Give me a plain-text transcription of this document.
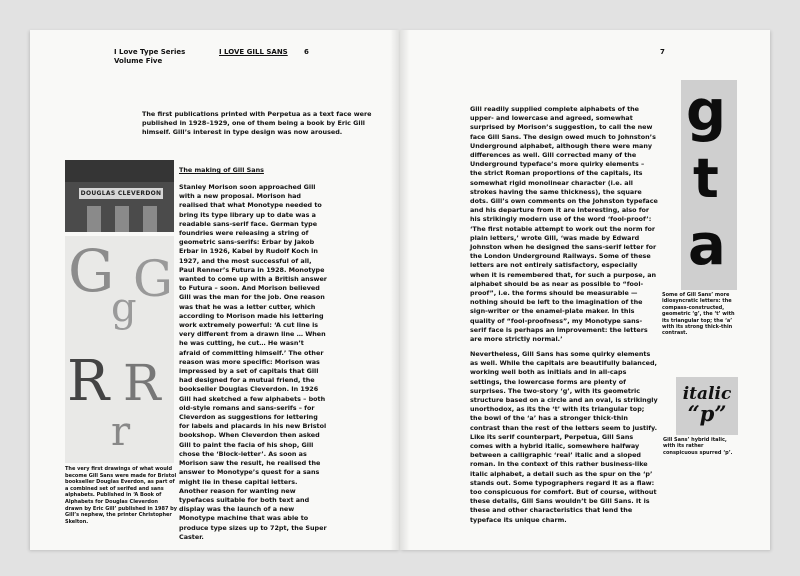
I Love Type Series Volume Five
I LOVE GILL SANS 6
The first publications printed with Perpetua as a text face were published in 1928–1929, one of them being a book by Eric Gill himself. Gill’s interest in type design was now aroused.
The making of Gill Sans
Stanley Morison soon approached Gill with a new proposal. Morison had realised that what Monotype needed to bring its type library up to date was a readable sans-serif face. German type foundries were releasing a string of geometric sans-serifs: Erbar by Jakob Erbar in 1926, Kabel by Rudolf Koch in 1927, and the most successful of all, Paul Renner’s Futura in 1928. Monotype wanted to come up with a British answer to Futura – soon. And Morison believed Gill was the man for the job. One reason was that he was a letter cutter, which according to Morison made his lettering work extremely powerful: ‘A cut line is very different from a drawn line … When he was cutting, he cut… He wasn’t afraid of committing himself.’ The other reason was more specific: Morison was impressed by a set of capitals that Gill had designed for a mutual friend, the bookseller Douglas Cleverdon. In 1926 Gill had sketched a few alphabets – both old-style romans and sans-serifs – for Cleverdon as suggestions for lettering for labels and placards in his new Bristol bookshop. When Cleverdon then asked Gill to paint the facia of his shop, Gill chose the ‘Block-letter’. As soon as Morison saw the result, he realised the answer to Monotype’s quest for a sans might lie in these capital letters. Another reason for wanting new typefaces suitable for both text and display was the launch of a new Monotype machine that was able to produce type sizes up to 72pt, the Super Caster.
DOUGLAS CLEVERDON
G G
g
R R
r
The very first drawings of what would become Gill Sans were made for Bristol bookseller Douglas Everdon, as part of a combined set of serifed and sans alphabets. Published in ‘A Book of Alphabets for Douglas Cleverdon drawn by Eric Gill’ published in 1987 by Gill’s nephew, the printer Christopher Skelton.
7
Gill readily supplied complete alphabets of the upper- and lowercase and agreed, somewhat surprised by Morison’s suggestion, to call the new face Gill Sans. The design owed much to Johnston’s Underground alphabet, although there were many differences as well. Gill corrected many of the Underground typeface’s more quirky elements – the strict Roman proportions of the capitals, its somewhat rigid monolinear character (i.e. all strokes having the same thickness), the square dots. Gill’s own comments on the Johnston typeface and his departure from it are interesting, also for his strikingly modern use of the word ‘fool-proof’: ‘The first notable attempt to work out the norm for plain letters,’ wrote Gill, ‘was made by Edward Johnston when he designed the sans-serif letter for the London Underground Railways. Some of these letters are not entirely satisfactory, especially when it is remembered that, for such a purpose, an alphabet should be as near as possible to “fool-proof”, i.e. the forms should be measurable — nothing should be left to the imagination of the sign-writer or the enamel-plate maker. In this quality of “fool-proofness”, my Monotype sans-serif face is perhaps an improvement: the letters are more strictly normal.’
Nevertheless, Gill Sans has some quirky elements as well. While the capitals are beautifully balanced, working well both as initials and in all-caps settings, the lowercase forms are plenty of surprises. The two-story ‘g’, with its geometric structure based on a circle and an oval, is strikingly unorthodox, as its the ‘t’ with its triangular top; the bowl of the ‘a’ has a stronger thick-thin contrast than the rest of the letters seem to justify. Like its serif counterpart, Perpetua, Gill Sans comes with a hybrid italic, somewhere halfway between a calligraphic ‘real’ italic and a sloped roman. In the context of this rather business-like italic alphabet, a detail such as the spur on the ‘p’ stands out. Some typographers regard it as a flaw: too conspicuous for comfort. But of course, without these details, Gill Sans wouldn’t be Gill Sans. It is these and other characteristics that lend the typeface its unique charm.
g
t
a
Some of Gill Sans’ more idiosyncratic letters: the compass-constructed, geometric ‘g’, the ‘t’ with its triangular top; the ‘a’ with its strong thick-thin contrast.
italic
“p”
Gill Sans’ hybrid italic, with its rather conspicuous spurred ‘p’.
